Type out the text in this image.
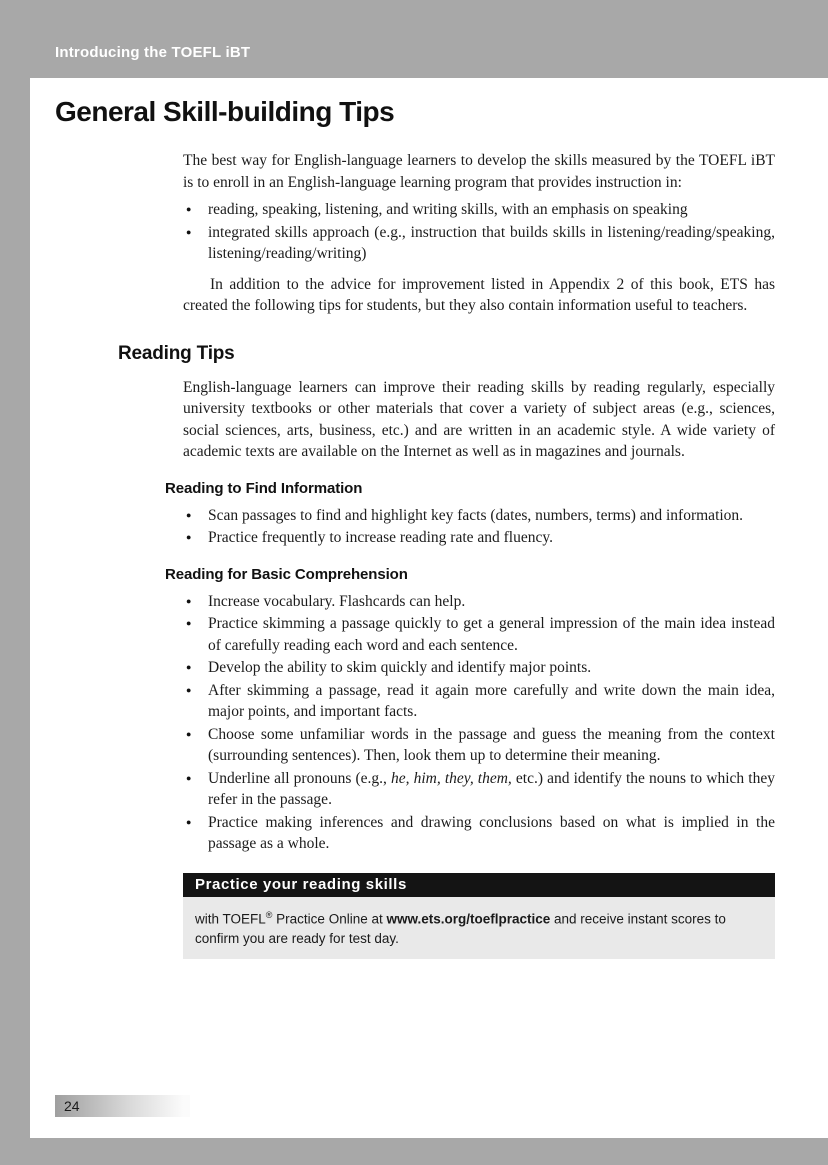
Introducing the TOEFL iBT
General Skill-building Tips

The best way for English-language learners to develop the skills measured by the TOEFL iBT is to enroll in an English-language learning program that provides instruction in:

● reading, speaking, listening, and writing skills, with an emphasis on speaking
● integrated skills approach (e.g., instruction that builds skills in listening/reading/speaking, listening/reading/writing)

In addition to the advice for improvement listed in Appendix 2 of this book, ETS has created the following tips for students, but they also contain information useful to teachers.

Reading Tips

English-language learners can improve their reading skills by reading regularly, especially university textbooks or other materials that cover a variety of subject areas (e.g., sciences, social sciences, arts, business, etc.) and are written in an academic style. A wide variety of academic texts are available on the Internet as well as in magazines and journals.

Reading to Find Information
● Scan passages to find and highlight key facts (dates, numbers, terms) and information.
● Practice frequently to increase reading rate and fluency.
Reading for Basic Comprehension
● Increase vocabulary. Flashcards can help.
● Practice skimming a passage quickly to get a general impression of the main idea instead of carefully reading each word and each sentence.
● Develop the ability to skim quickly and identify major points.
● After skimming a passage, read it again more carefully and write down the main idea, major points, and important facts.
● Choose some unfamiliar words in the passage and guess the meaning from the context (surrounding sentences). Then, look them up to determine their meaning.
● Underline all pronouns (e.g., he, him, they, them, etc.) and identify the nouns to which they refer in the passage.
● Practice making inferences and drawing conclusions based on what is implied in the passage as a whole.
Practice your reading skills
with TOEFL® Practice Online at www.ets.org/toeflpractice and receive instant scores to confirm you are ready for test day.
24
